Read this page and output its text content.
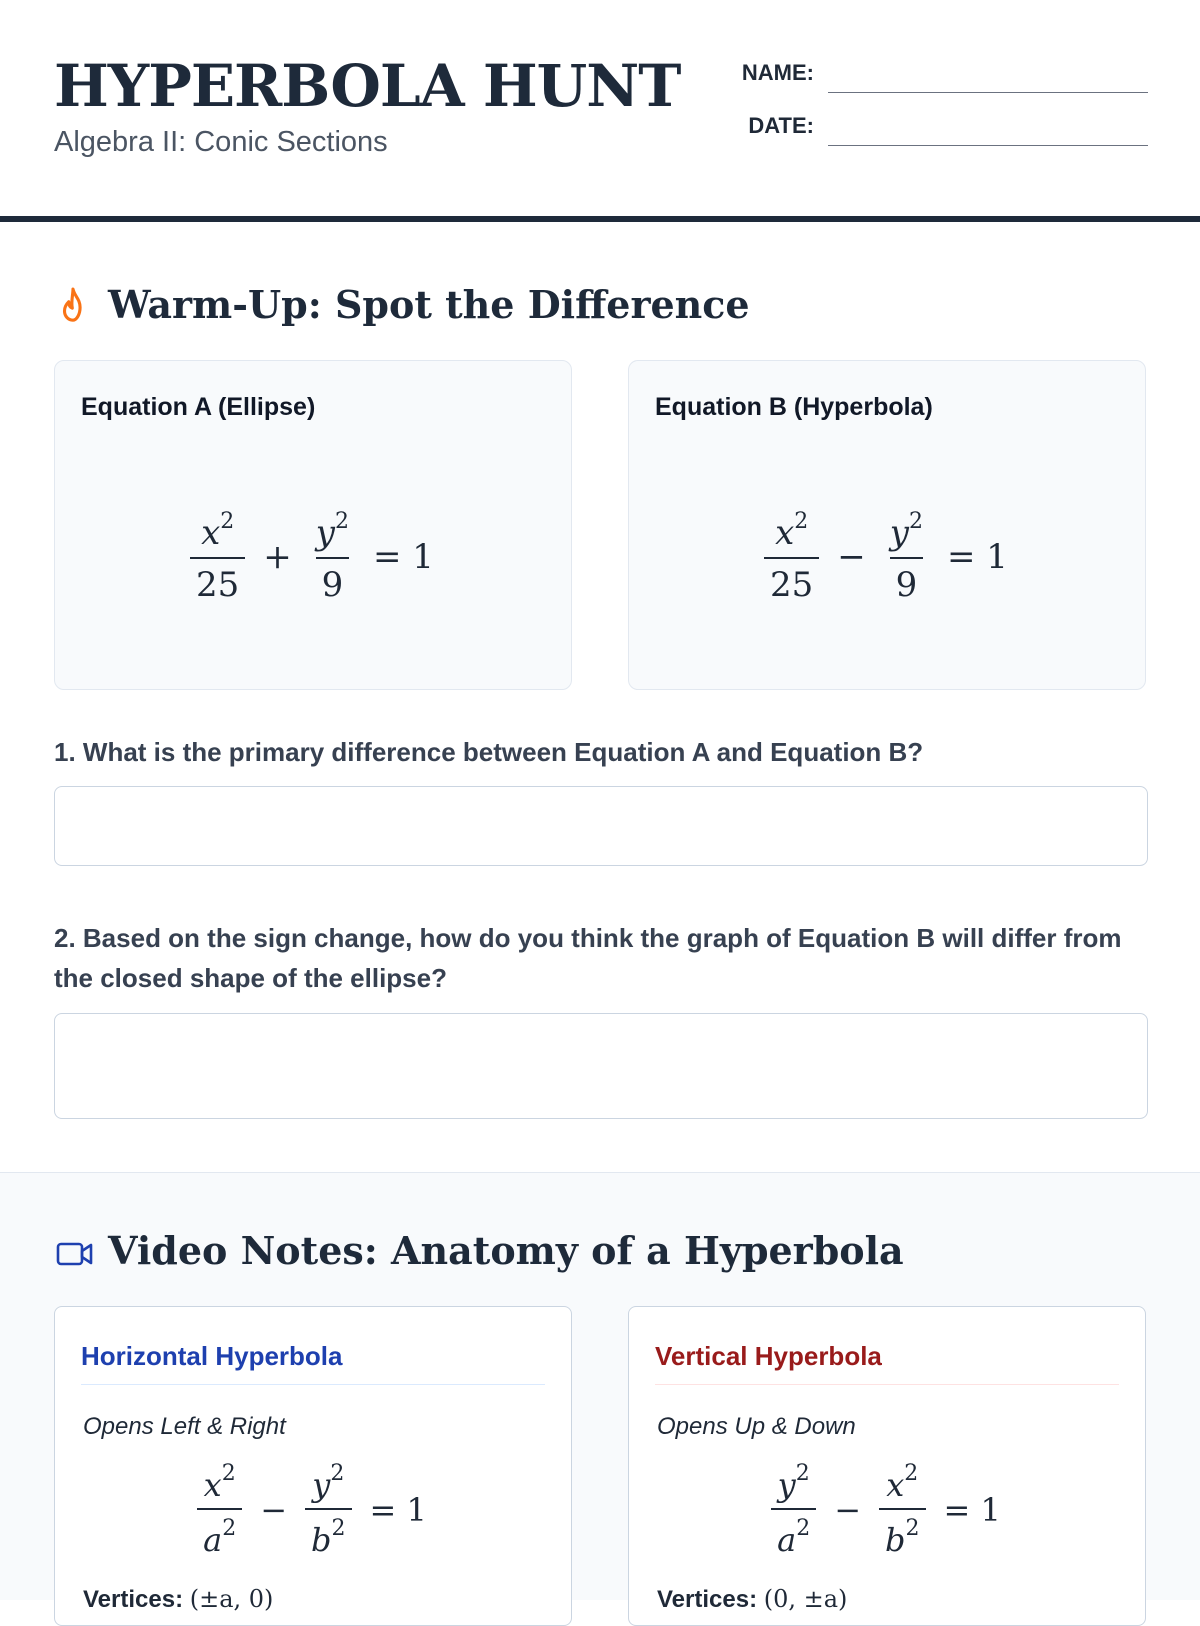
HYPERBOLA HUNT
Algebra II: Conic Sections
NAME:
DATE:
Warm-Up: Spot the Difference
Equation A (Ellipse)
$\frac{x^2}{25} + \frac{y^2}{9} = 1$
Equation B (Hyperbola)
$\frac{x^2}{25} - \frac{y^2}{9} = 1$

1. What is the primary difference between Equation A and Equation B?

2. Based on the sign change, how do you think the graph of Equation B will differ from the closed shape of the ellipse?

Video Notes: Anatomy of a Hyperbola
Horizontal Hyperbola
Opens Left & Right
$\frac{x^2}{a^2} - \frac{y^2}{b^2} = 1$
Vertices: (±a, 0)
Vertical Hyperbola
Opens Up & Down
$\frac{y^2}{a^2} - \frac{x^2}{b^2} = 1$
Vertices: (0, ±a)
